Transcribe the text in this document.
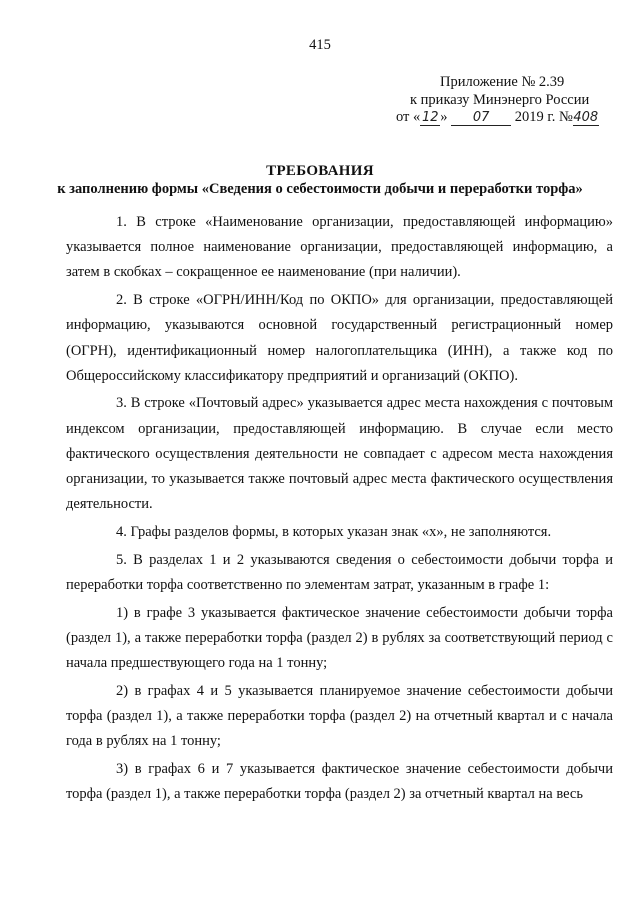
415
Приложение № 2.39
к приказу Минэнерго России
от « 12 » 07 2019 г. №408
ТРЕБОВАНИЯ
к заполнению формы «Сведения о себестоимости добычи и переработки торфа»

1. В строке «Наименование организации, предоставляющей информацию» указывается полное наименование организации, предоставляющей информацию, а затем в скобках – сокращенное ее наименование (при наличии).

2. В строке «ОГРН/ИНН/Код по ОКПО» для организации, предоставляющей информацию, указываются основной государственный регистрационный номер (ОГРН), идентификационный номер налогоплательщика (ИНН), а также код по Общероссийскому классификатору предприятий и организаций (ОКПО).

3. В строке «Почтовый адрес» указывается адрес места нахождения с почтовым индексом организации, предоставляющей информацию. В случае если место фактического осуществления деятельности не совпадает с адресом места нахождения организации, то указывается также почтовый адрес места фактического осуществления деятельности.

4. Графы разделов формы, в которых указан знак «х», не заполняются.

5. В разделах 1 и 2 указываются сведения о себестоимости добычи торфа и переработки торфа соответственно по элементам затрат, указанным в графе 1:

1) в графе 3 указывается фактическое значение себестоимости добычи торфа (раздел 1), а также переработки торфа (раздел 2) в рублях за соответствующий период с начала предшествующего года на 1 тонну;

2) в графах 4 и 5 указывается планируемое значение себестоимости добычи торфа (раздел 1), а также переработки торфа (раздел 2) на отчетный квартал и с начала года в рублях на 1 тонну;

3) в графах 6 и 7 указывается фактическое значение себестоимости добычи торфа (раздел 1), а также переработки торфа (раздел 2) за отчетный квартал на весь
